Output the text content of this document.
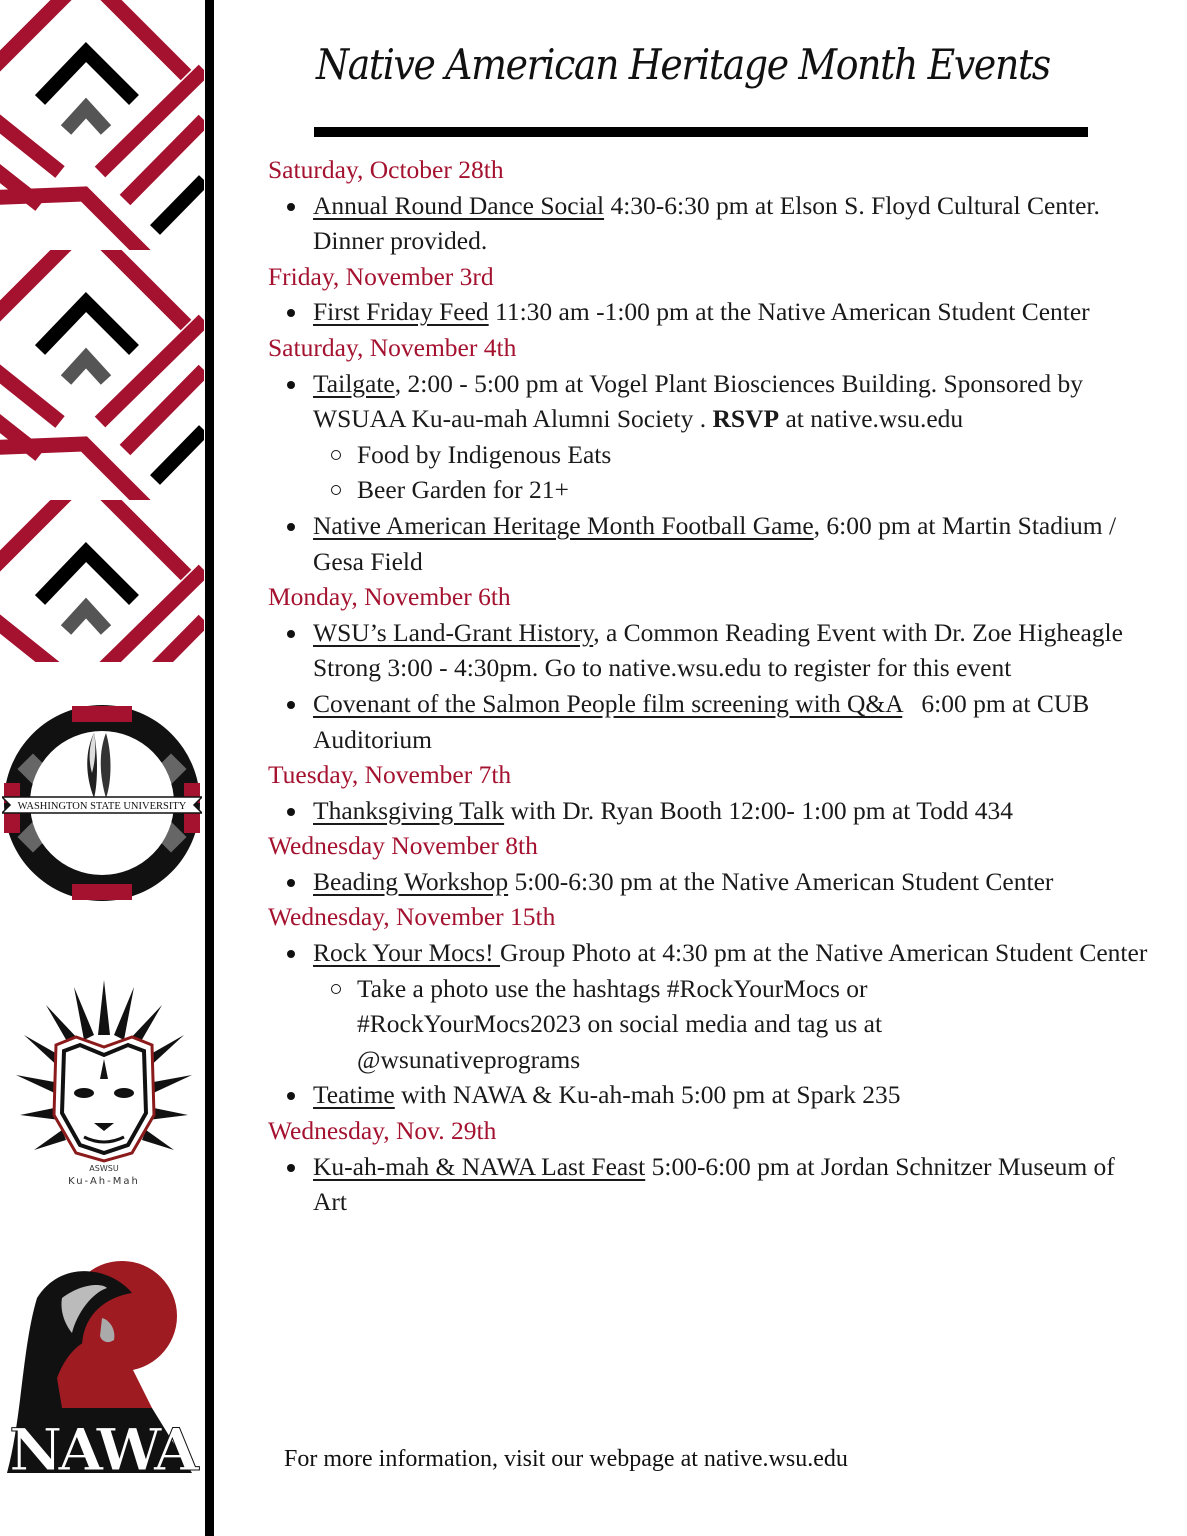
WASHINGTON STATE UNIVERSITY
ASWSU
Ku-Ah-Mah
NAWA
Native American Heritage Month Events

Saturday, October 28th

Annual Round Dance Social 4:30-6:30 pm at Elson S. Floyd Cultural Center. Dinner provided.

Friday, November 3rd

First Friday Feed 11:30 am -1:00 pm at the Native American Student Center

Saturday, November 4th

Tailgate, 2:00 - 5:00 pm at Vogel Plant Biosciences Building. Sponsored by WSUAA Ku-au-mah Alumni Society . RSVP at native.wsu.edu
Food by Indigenous Eats
Beer Garden for 21+
Native American Heritage Month Football Game, 6:00 pm at Martin Stadium / Gesa Field

Monday, November 6th

WSU’s Land-Grant History, a Common Reading Event with Dr. Zoe Higheagle Strong 3:00 - 4:30pm. Go to native.wsu.edu to register for this event
Covenant of the Salmon People film screening with Q&A   6:00 pm at CUB Auditorium

Tuesday, November 7th

Thanksgiving Talk with Dr. Ryan Booth 12:00- 1:00 pm at Todd 434

Wednesday November 8th

Beading Workshop 5:00-6:30 pm at the Native American Student Center

Wednesday, November 15th

Rock Your Mocs! Group Photo at 4:30 pm at the Native American Student Center
Take a photo use the hashtags #RockYourMocs or #RockYourMocs2023 on social media and tag us at @wsunativeprograms
Teatime with NAWA & Ku-ah-mah 5:00 pm at Spark 235

Wednesday, Nov. 29th

Ku-ah-mah & NAWA Last Feast 5:00-6:00 pm at Jordan Schnitzer Museum of Art
For more information, visit our webpage at native.wsu.edu
